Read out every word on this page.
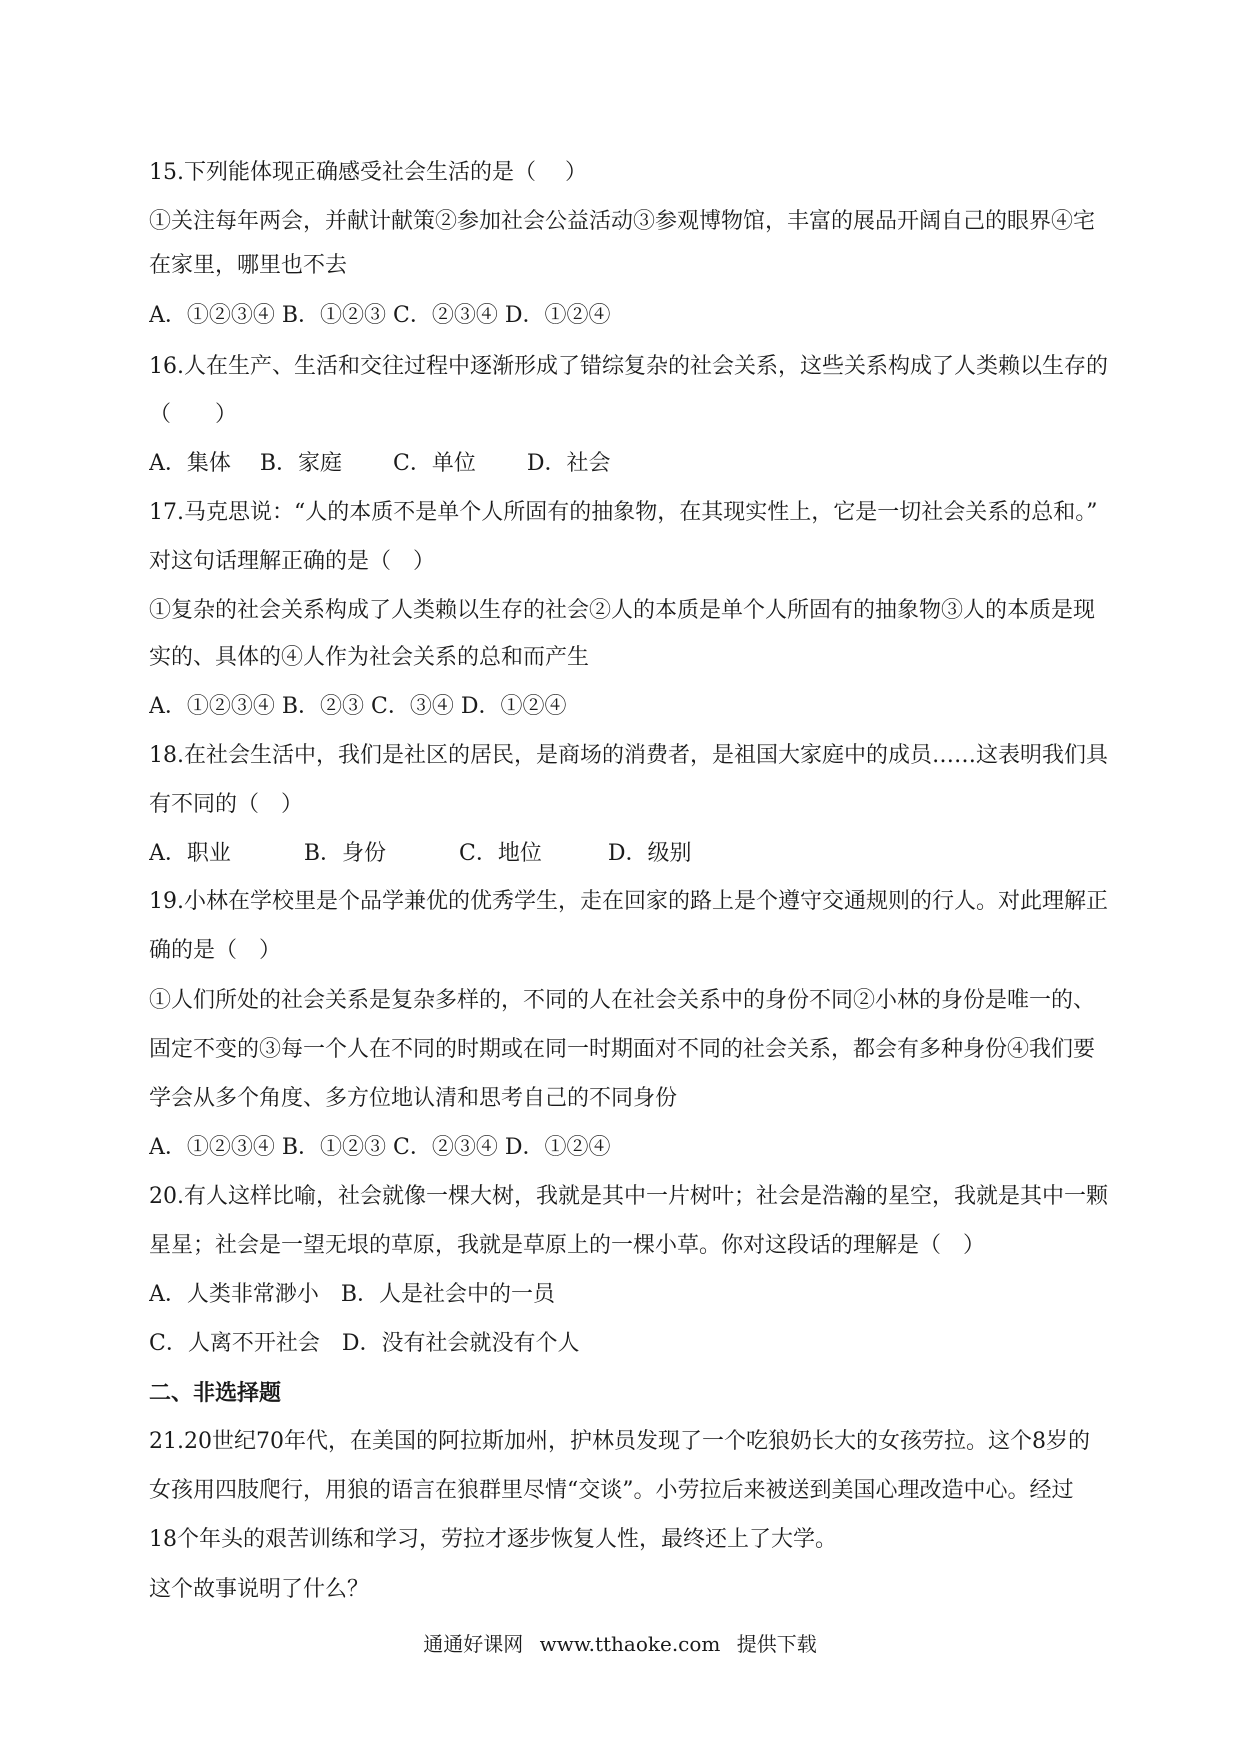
15.下列能体现正确感受社会生活的是（　 ）
①关注每年两会，并献计献策②参加社会公益活动③参观博物馆，丰富的展品开阔自己的眼界④宅
在家里，哪里也不去
A．①②③④ B．①②③ C．②③④ D．①②④
16.人在生产、生活和交往过程中逐渐形成了错综复杂的社会关系，这些关系构成了人类赖以生存的
（　　）
A．集体　 B．家庭　　 C．单位　　 D．社会
17.马克思说：“人的本质不是单个人所固有的抽象物，在其现实性上，它是一切社会关系的总和。”
对这句话理解正确的是（　）
①复杂的社会关系构成了人类赖以生存的社会②人的本质是单个人所固有的抽象物③人的本质是现
实的、具体的④人作为社会关系的总和而产生
A．①②③④ B．②③ C．③④ D．①②④
18.在社会生活中，我们是社区的居民，是商场的消费者，是祖国大家庭中的成员……这表明我们具
有不同的（　）
A．职业　　　 B．身份　　　 C．地位　　　D．级别
19.小林在学校里是个品学兼优的优秀学生，走在回家的路上是个遵守交通规则的行人。对此理解正
确的是（　）
①人们所处的社会关系是复杂多样的，不同的人在社会关系中的身份不同②小林的身份是唯一的、
固定不变的③每一个人在不同的时期或在同一时期面对不同的社会关系，都会有多种身份④我们要
学会从多个角度、多方位地认清和思考自己的不同身份
A．①②③④ B．①②③ C．②③④ D．①②④
20.有人这样比喻，社会就像一棵大树，我就是其中一片树叶；社会是浩瀚的星空，我就是其中一颗
星星；社会是一望无垠的草原，我就是草原上的一棵小草。你对这段话的理解是（　）
A．人类非常渺小　B．人是社会中的一员
C．人离不开社会　D．没有社会就没有个人
二、非选择题
21.20世纪70年代，在美国的阿拉斯加州，护林员发现了一个吃狼奶长大的女孩劳拉。这个8岁的
女孩用四肢爬行，用狼的语言在狼群里尽情“交谈”。小劳拉后来被送到美国心理改造中心。经过
18个年头的艰苦训练和学习，劳拉才逐步恢复人性，最终还上了大学。
这个故事说明了什么？
通通好课网 www.tthaoke.com 提供下载
